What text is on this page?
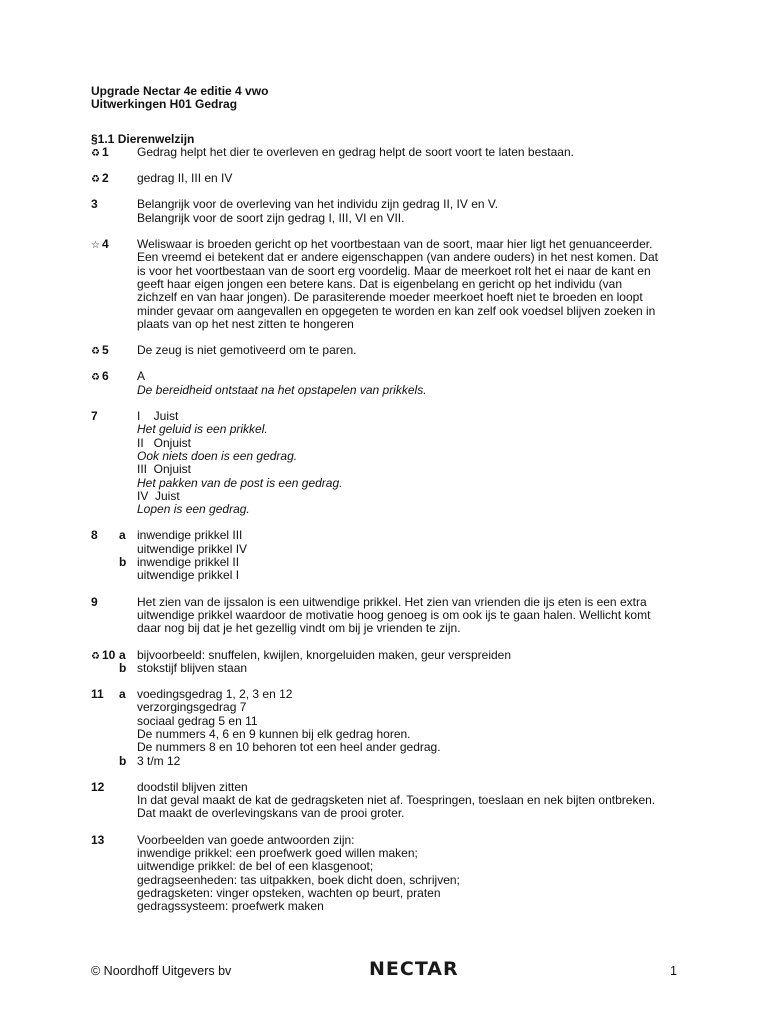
Upgrade Nectar 4e editie 4 vwo
Uitwerkingen H01 Gedrag
§1.1 Dierenwelzijn
♻ 1	Gedrag helpt het dier te overleven en gedrag helpt de soort voort te laten bestaan.
♻ 2	gedrag II, III en IV
3	Belangrijk voor de overleving van het individu zijn gedrag II, IV en V.
Belangrijk voor de soort zijn gedrag I, III, VI en VII.
☆ 4	Weliswaar is broeden gericht op het voortbestaan van de soort, maar hier ligt het genuanceerder.
Een vreemd ei betekent dat er andere eigenschappen (van andere ouders) in het nest komen. Dat
is voor het voortbestaan van de soort erg voordelig. Maar de meerkoet rolt het ei naar de kant en
geeft haar eigen jongen een betere kans. Dat is eigenbelang en gericht op het individu (van
zichzelf en van haar jongen). De parasiterende moeder meerkoet hoeft niet te broeden en loopt
minder gevaar om aangevallen en opgegeten te worden en kan zelf ook voedsel blijven zoeken in
plaats van op het nest zitten te hongeren
♻ 5	De zeug is niet gemotiveerd om te paren.
♻ 6	A
De bereidheid ontstaat na het opstapelen van prikkels.
7	I    Juist
Het geluid is een prikkel.
II   Onjuist
Ook niets doen is een gedrag.
III  Onjuist
Het pakken van de post is een gedrag.
IV  Juist
Lopen is een gedrag.
8	a inwendige prikkel III
uitwendige prikkel IV
b inwendige prikkel II
uitwendige prikkel I
9	Het zien van de ijssalon is een uitwendige prikkel. Het zien van vrienden die ijs eten is een extra
uitwendige prikkel waardoor de motivatie hoog genoeg is om ook ijs te gaan halen. Wellicht komt
daar nog bij dat je het gezellig vindt om bij je vrienden te zijn.
♻ 10 a bijvoorbeeld: snuffelen, kwijlen, knorgeluiden maken, geur verspreiden
b stokstijf blijven staan
11	a voedingsgedrag 1, 2, 3 en 12
verzorgingsgedrag 7
sociaal gedrag 5 en 11
De nummers 4, 6 en 9 kunnen bij elk gedrag horen.
De nummers 8 en 10 behoren tot een heel ander gedrag.
b 3 t/m 12
12	doodstil blijven zitten
In dat geval maakt de kat de gedragsketen niet af. Toespringen, toeslaan en nek bijten ontbreken.
Dat maakt de overlevingskans van de prooi groter.
13	Voorbeelden van goede antwoorden zijn:
inwendige prikkel: een proefwerk goed willen maken;
uitwendige prikkel: de bel of een klasgenoot;
gedragseenheden: tas uitpakken, boek dicht doen, schrijven;
gedragsketen: vinger opsteken, wachten op beurt, praten
gedragssysteem: proefwerk maken
© Noordhoff Uitgevers bv	NECTAR	1
